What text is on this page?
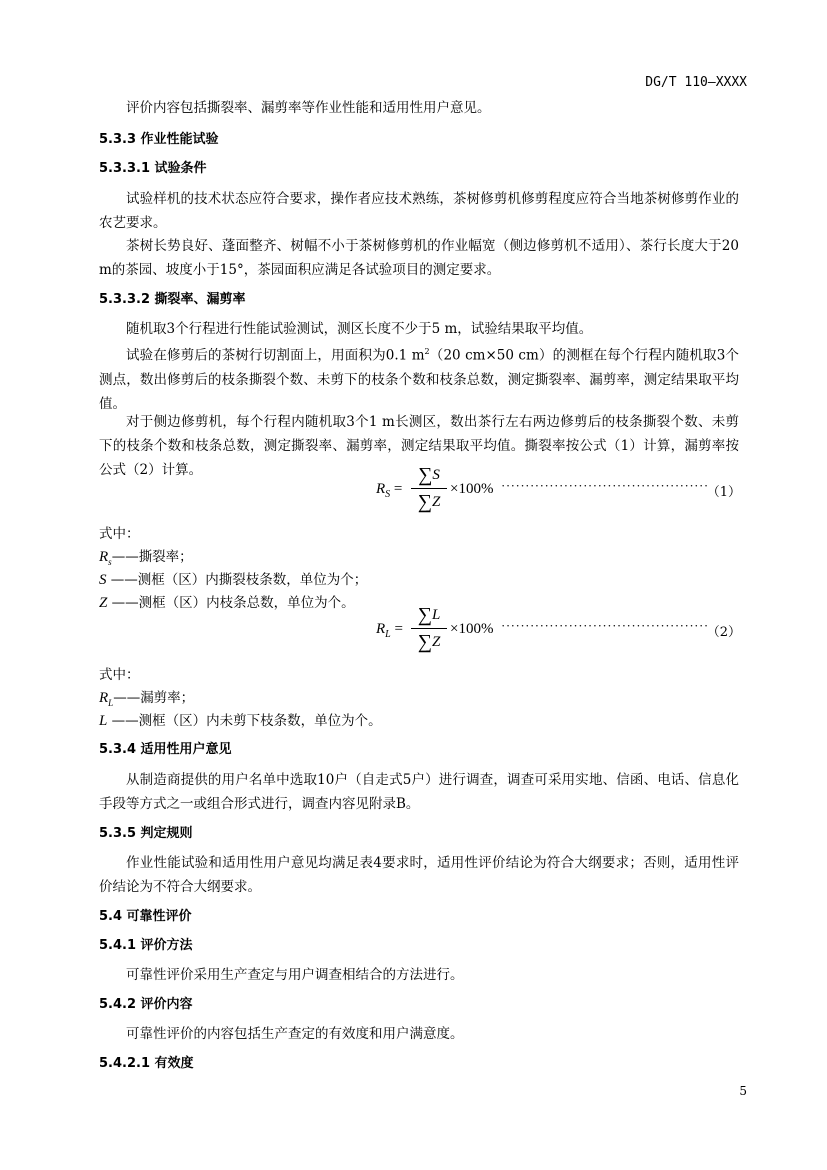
DG/T 110—XXXX
评价内容包括撕裂率、漏剪率等作业性能和适用性用户意见。
5.3.3 作业性能试验
5.3.3.1 试验条件
试验样机的技术状态应符合要求，操作者应技术熟练，茶树修剪机修剪程度应符合当地茶树修剪作业的农艺要求。
茶树长势良好、蓬面整齐、树幅不小于茶树修剪机的作业幅宽（侧边修剪机不适用）、茶行长度大于20 m的茶园、坡度小于15°，茶园面积应满足各试验项目的测定要求。
5.3.3.2 撕裂率、漏剪率
随机取3个行程进行性能试验测试，测区长度不少于5 m，试验结果取平均值。
试验在修剪后的茶树行切割面上，用面积为0.1 $m^2(20$ cm×50 cm）的测框在每个行程内随机取3个测点，数出修剪后的枝条撕裂个数、未剪下的枝条个数和枝条总数，测定撕裂率、漏剪率，测定结果取平均值。
对于侧边修剪机，每个行程内随机取3个1 m长测区，数出茶行左右两边修剪后的枝条撕裂个数、未剪下的枝条个数和枝条总数，测定撕裂率、漏剪率，测定结果取平均值。撕裂率按公式（1）计算，漏剪率按公式（2）计算。
$R_S$ =
∑S
∑Z
×100% ···········································
（1）
式中：
$R_s——$撕裂率；
S ——测框（区）内撕裂枝条数，单位为个；
Z ——测框（区）内枝条总数，单位为个。
$R_L$ =
∑L
∑Z
×100% ···········································
（2）
式中：
$R_L——$漏剪率；
L ——测框（区）内未剪下枝条数，单位为个。
5.3.4 适用性用户意见
从制造商提供的用户名单中选取10户（自走式5户）进行调查，调查可采用实地、信函、电话、信息化手段等方式之一或组合形式进行，调查内容见附录B。
5.3.5 判定规则
作业性能试验和适用性用户意见均满足表4要求时，适用性评价结论为符合大纲要求；否则，适用性评价结论为不符合大纲要求。
5.4 可靠性评价
5.4.1 评价方法
可靠性评价采用生产查定与用户调查相结合的方法进行。
5.4.2 评价内容
可靠性评价的内容包括生产查定的有效度和用户满意度。
5.4.2.1 有效度
5
